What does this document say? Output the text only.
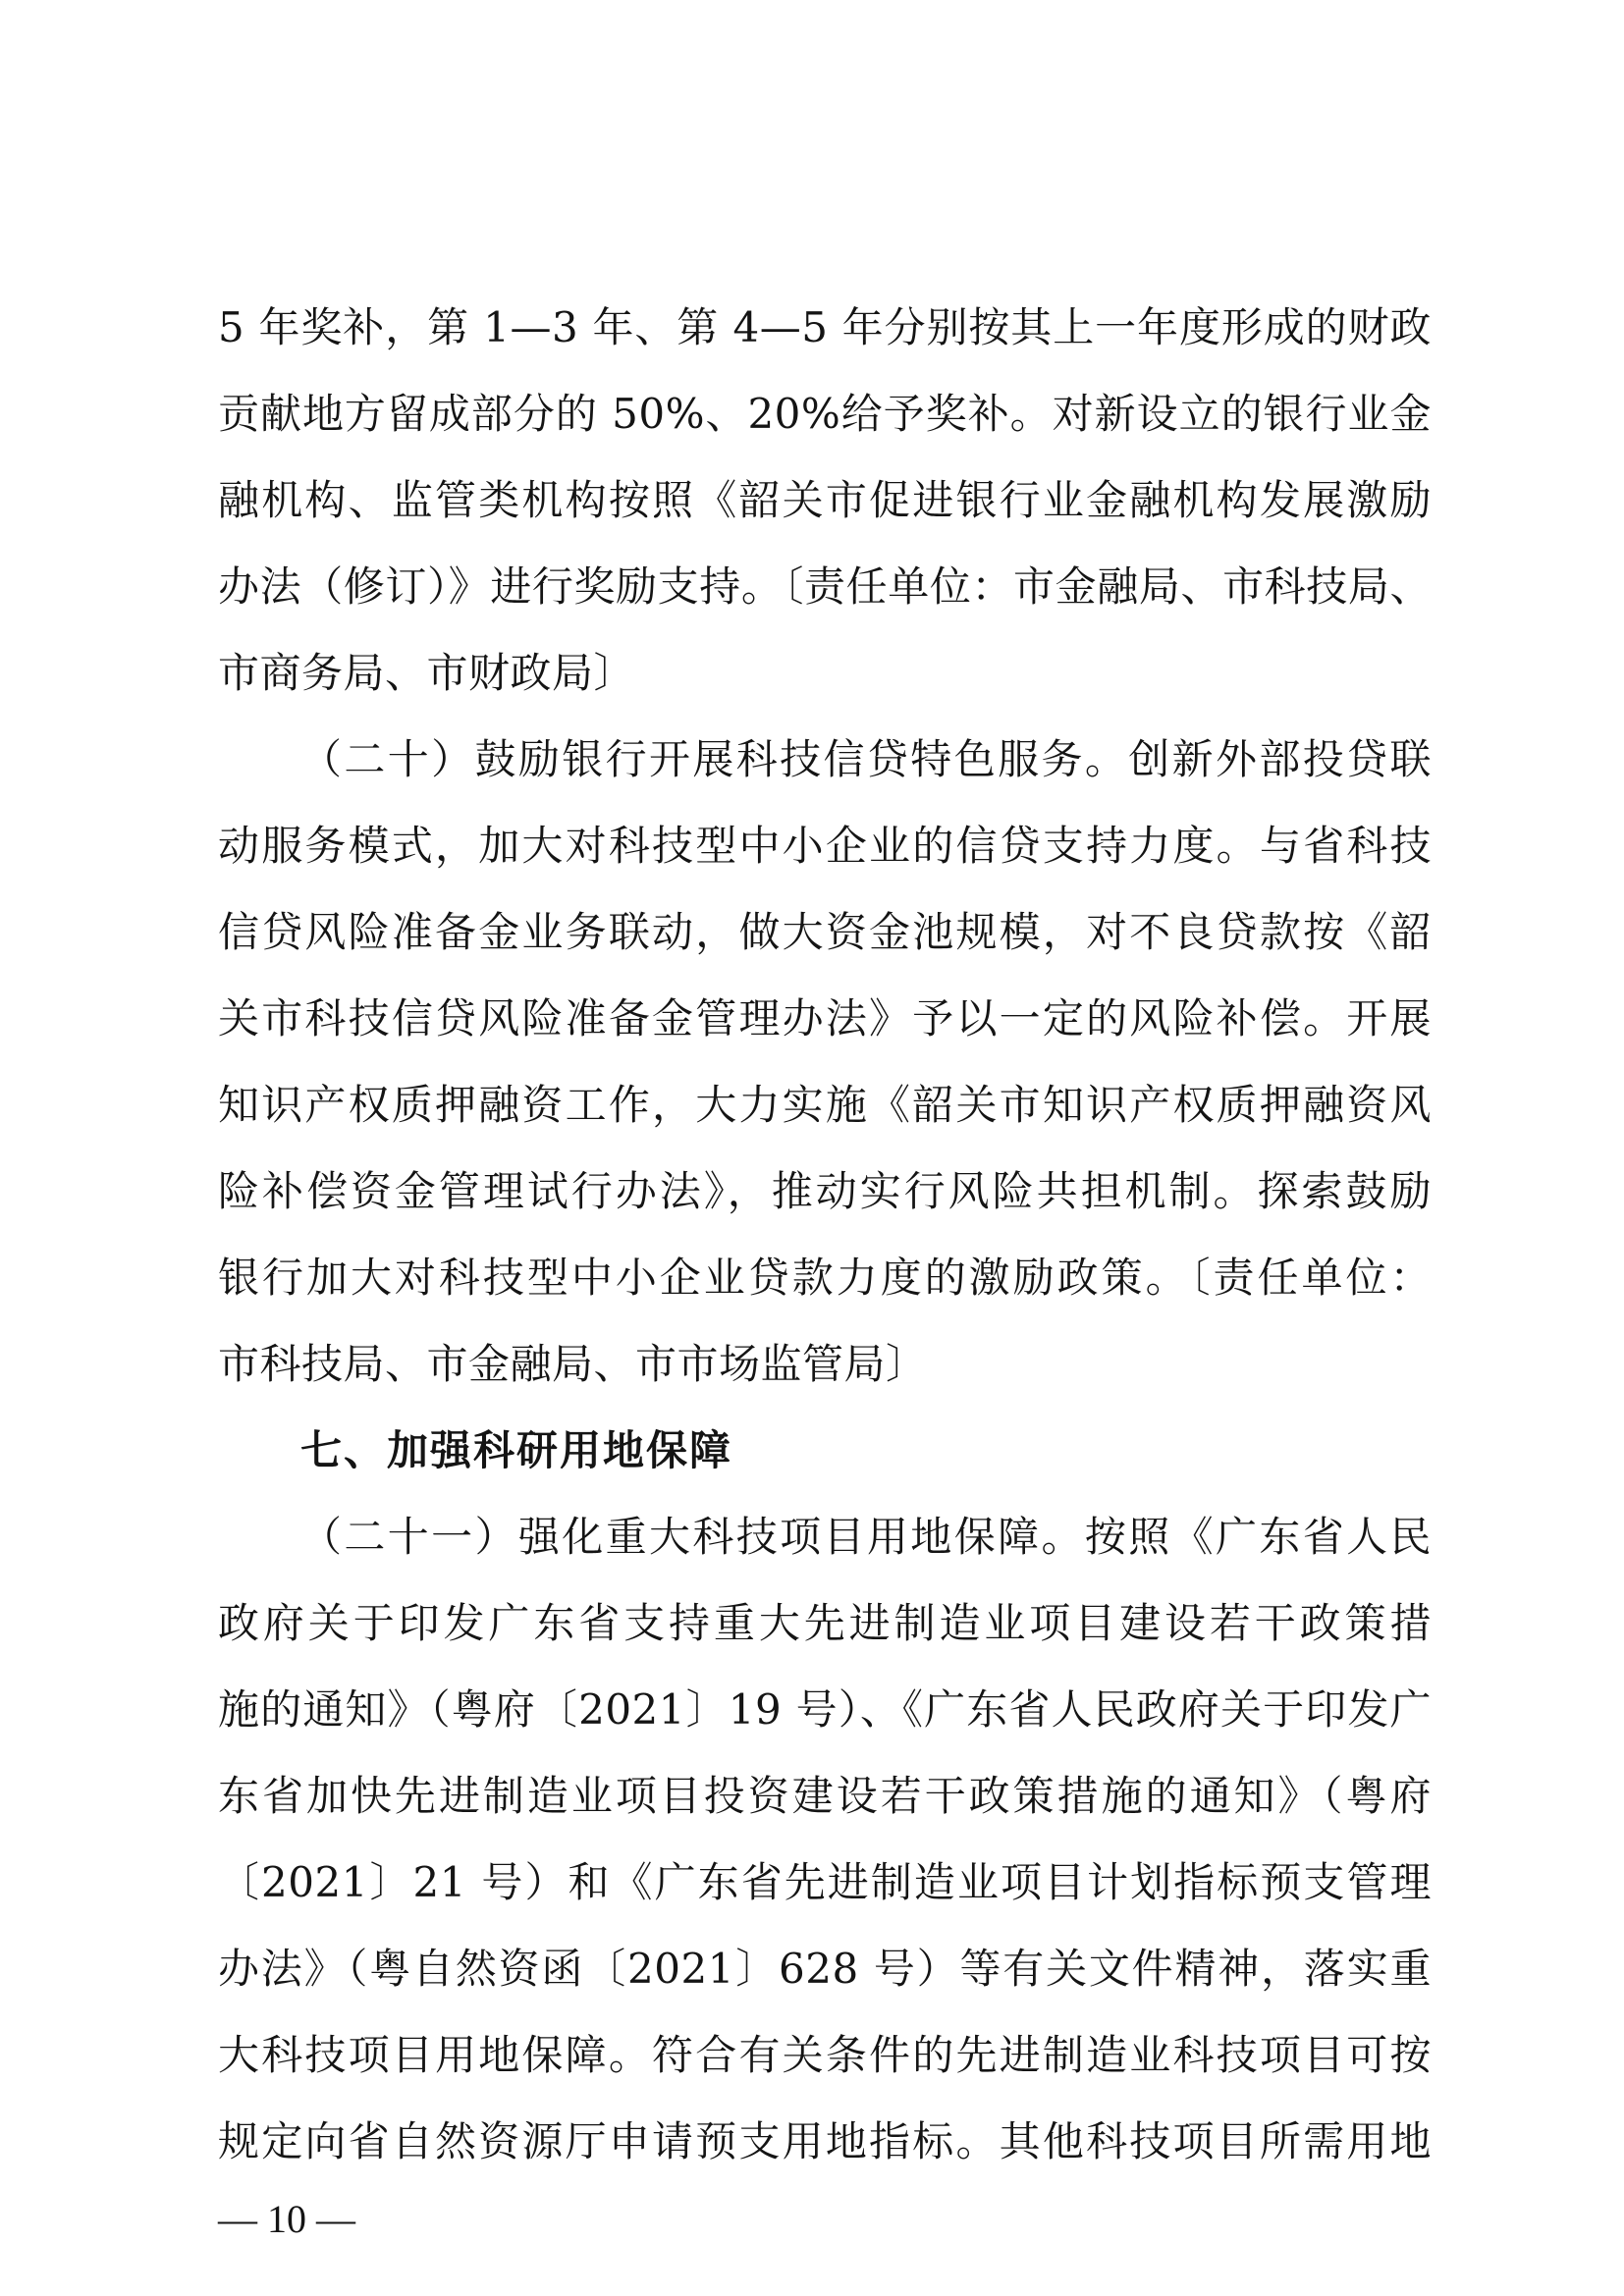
5 年奖补，第 1—3 年、第 4—5 年分别按其上一年度形成的财政
贡献地方留成部分的 50%、20%给予奖补。对新设立的银行业金
融机构、监管类机构按照《韶关市促进银行业金融机构发展激励
办法（修订）》进行奖励支持。〔责任单位：市金融局、市科技局、
市商务局、市财政局〕
（二十）鼓励银行开展科技信贷特色服务。创新外部投贷联
动服务模式，加大对科技型中小企业的信贷支持力度。与省科技
信贷风险准备金业务联动，做大资金池规模，对不良贷款按《韶
关市科技信贷风险准备金管理办法》予以一定的风险补偿。开展
知识产权质押融资工作，大力实施《韶关市知识产权质押融资风
险补偿资金管理试行办法》，推动实行风险共担机制。探索鼓励
银行加大对科技型中小企业贷款力度的激励政策。〔责任单位：
市科技局、市金融局、市市场监管局〕
七、加强科研用地保障
（二十一）强化重大科技项目用地保障。按照《广东省人民
政府关于印发广东省支持重大先进制造业项目建设若干政策措
施的通知》（粤府〔2021〕19 号）、《广东省人民政府关于印发广
东省加快先进制造业项目投资建设若干政策措施的通知》（粤府
〔2021〕21 号）和《广东省先进制造业项目计划指标预支管理
办法》（粤自然资函〔2021〕628 号）等有关文件精神，落实重
大科技项目用地保障。符合有关条件的先进制造业科技项目可按
规定向省自然资源厅申请预支用地指标。其他科技项目所需用地
— 10 —
